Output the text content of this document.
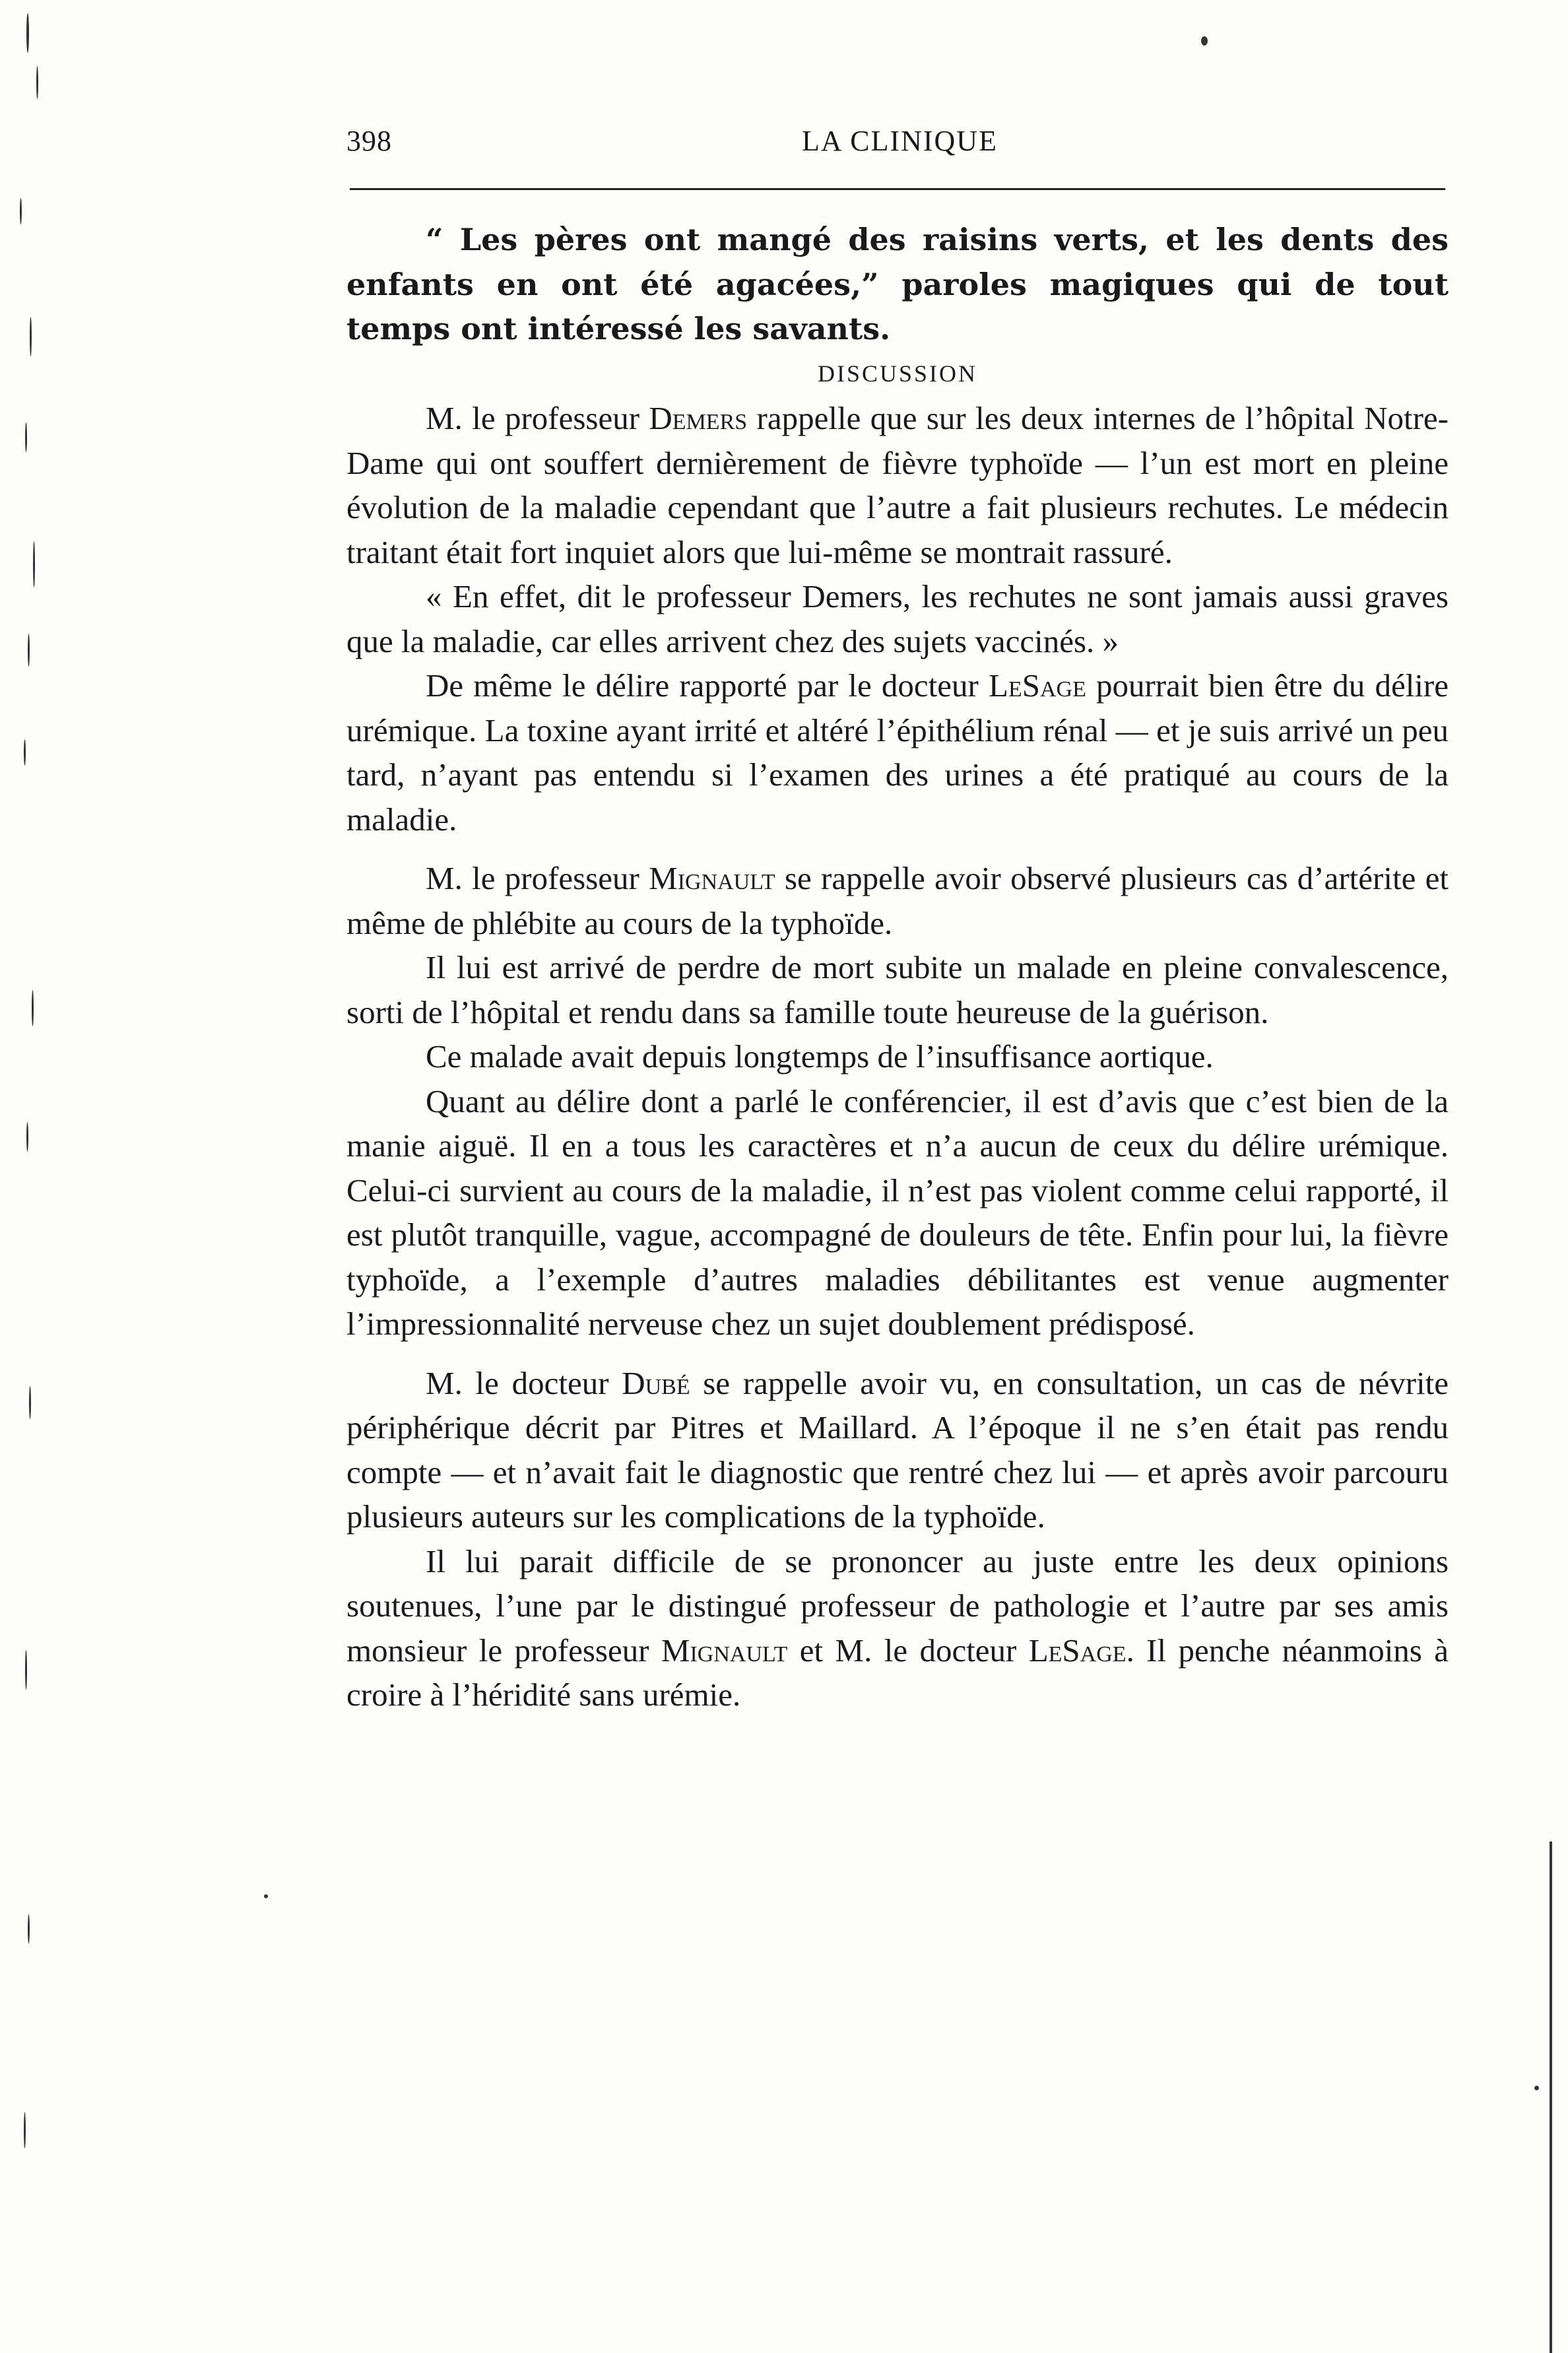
398	LA CLINIQUE

“ Les pères ont mangé des raisins verts, et les dents des enfants en ont été agacées,” paroles magiques qui de tout temps ont intéressé les savants.

DISCUSSION

M. le professeur Demers rappelle que sur les deux internes de l’hôpital Notre-Dame qui ont souffert dernièrement de fièvre typhoïde — l’un est mort en pleine évolution de la maladie cependant que l’autre a fait plusieurs rechutes. Le médecin traitant était fort inquiet alors que lui-même se montrait rassuré.

« En effet, dit le professeur Demers, les rechutes ne sont jamais aussi graves que la maladie, car elles arrivent chez des sujets vaccinés. »

De même le délire rapporté par le docteur LeSage pourrait bien être du délire urémique. La toxine ayant irrité et altéré l’épithélium rénal — et je suis arrivé un peu tard, n’ayant pas entendu si l’examen des urines a été pratiqué au cours de la maladie.

M. le professeur Mignault se rappelle avoir observé plusieurs cas d’artérite et même de phlébite au cours de la typhoïde.

Il lui est arrivé de perdre de mort subite un malade en pleine convalescence, sorti de l’hôpital et rendu dans sa famille toute heureuse de la guérison.

Ce malade avait depuis longtemps de l’insuffisance aortique.

Quant au délire dont a parlé le conférencier, il est d’avis que c’est bien de la manie aiguë. Il en a tous les caractères et n’a aucun de ceux du délire urémique. Celui-ci survient au cours de la maladie, il n’est pas violent comme celui rapporté, il est plutôt tranquille, vague, accompagné de douleurs de tête. Enfin pour lui, la fièvre typhoïde, a l’exemple d’autres maladies débilitantes est venue augmenter l’impressionnalité nerveuse chez un sujet doublement prédisposé.

M. le docteur Dubé se rappelle avoir vu, en consultation, un cas de névrite périphérique décrit par Pitres et Maillard. A l’époque il ne s’en était pas rendu compte — et n’avait fait le diagnostic que rentré chez lui — et après avoir parcouru plusieurs auteurs sur les complications de la typhoïde.

Il lui parait difficile de se prononcer au juste entre les deux opinions soutenues, l’une par le distingué professeur de pathologie et l’autre par ses amis monsieur le professeur Mignault et M. le docteur LeSage. Il penche néanmoins à croire à l’héridité sans urémie.
